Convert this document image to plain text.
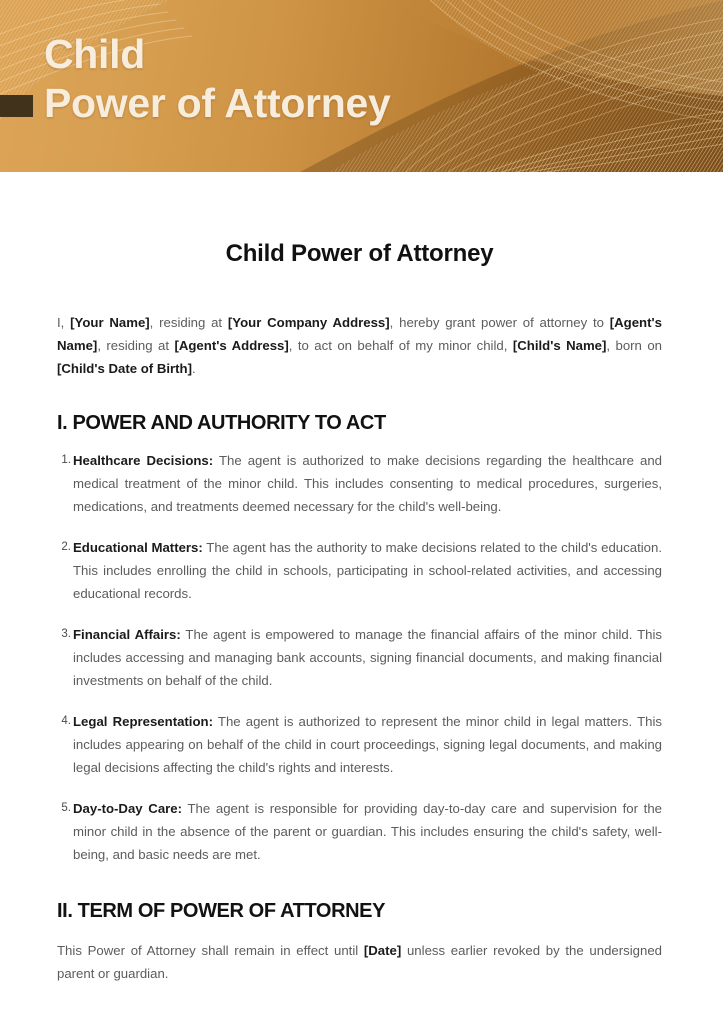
Child
Power of Attorney
Child Power of Attorney

I, [Your Name], residing at [Your Company Address], hereby grant power of attorney to [Agent's Name], residing at [Agent's Address], to act on behalf of my minor child, [Child's Name], born on [Child's Date of Birth].

I. POWER AND AUTHORITY TO ACT
1. Healthcare Decisions: The agent is authorized to make decisions regarding the healthcare and medical treatment of the minor child. This includes consenting to medical procedures, surgeries, medications, and treatments deemed necessary for the child's well-being.
2. Educational Matters: The agent has the authority to make decisions related to the child's education. This includes enrolling the child in schools, participating in school-related activities, and accessing educational records.
3. Financial Affairs: The agent is empowered to manage the financial affairs of the minor child. This includes accessing and managing bank accounts, signing financial documents, and making financial investments on behalf of the child.
4. Legal Representation: The agent is authorized to represent the minor child in legal matters. This includes appearing on behalf of the child in court proceedings, signing legal documents, and making legal decisions affecting the child's rights and interests.
5. Day-to-Day Care: The agent is responsible for providing day-to-day care and supervision for the minor child in the absence of the parent or guardian. This includes ensuring the child's safety, well-being, and basic needs are met.
II. TERM OF POWER OF ATTORNEY

This Power of Attorney shall remain in effect until [Date] unless earlier revoked by the undersigned parent or guardian.
